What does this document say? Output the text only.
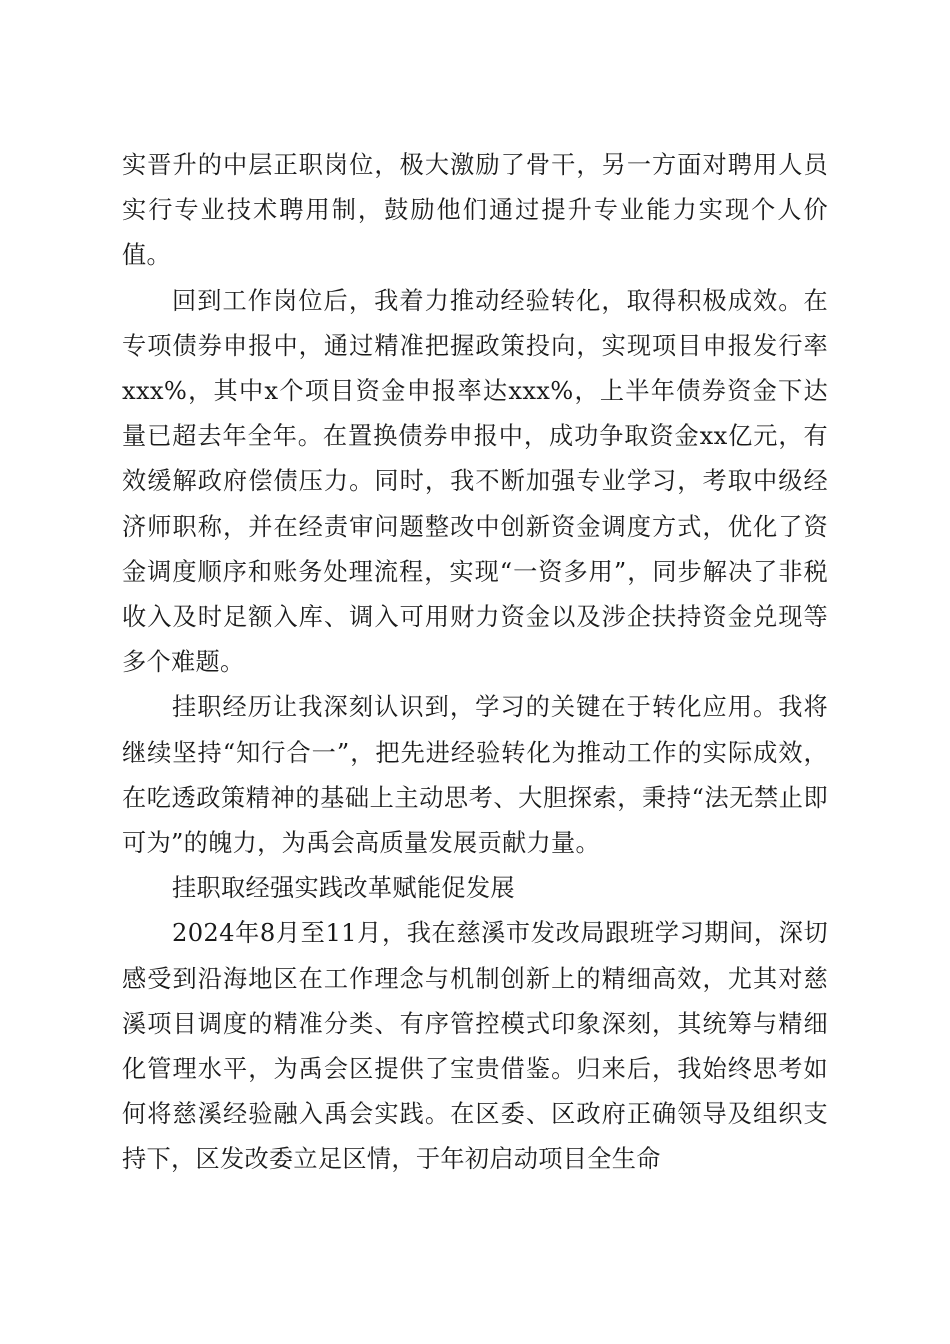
实晋升的中层正职岗位，极大激励了骨干，另一方面对聘用人员实行专业技术聘用制，鼓励他们通过提升专业能力实现个人价值。

回到工作岗位后，我着力推动经验转化，取得积极成效。在专项债券申报中，通过精准把握政策投向，实现项目申报发行率xxx%，其中x个项目资金申报率达xxx%，上半年债券资金下达量已超去年全年。在置换债券申报中，成功争取资金xx亿元，有效缓解政府偿债压力。同时，我不断加强专业学习，考取中级经济师职称，并在经责审问题整改中创新资金调度方式，优化了资金调度顺序和账务处理流程，实现“一资多用”，同步解决了非税收入及时足额入库、调入可用财力资金以及涉企扶持资金兑现等多个难题。

挂职经历让我深刻认识到，学习的关键在于转化应用。我将继续坚持“知行合一”，把先进经验转化为推动工作的实际成效，在吃透政策精神的基础上主动思考、大胆探索，秉持“法无禁止即可为”的魄力，为禹会高质量发展贡献力量。

挂职取经强实践改革赋能促发展

2024年8月至11月，我在慈溪市发改局跟班学习期间，深切感受到沿海地区在工作理念与机制创新上的精细高效，尤其对慈溪项目调度的精准分类、有序管控模式印象深刻，其统筹与精细化管理水平，为禹会区提供了宝贵借鉴。归来后，我始终思考如何将慈溪经验融入禹会实践。在区委、区政府正确领导及组织支持下，区发改委立足区情，于年初启动项目全生命
